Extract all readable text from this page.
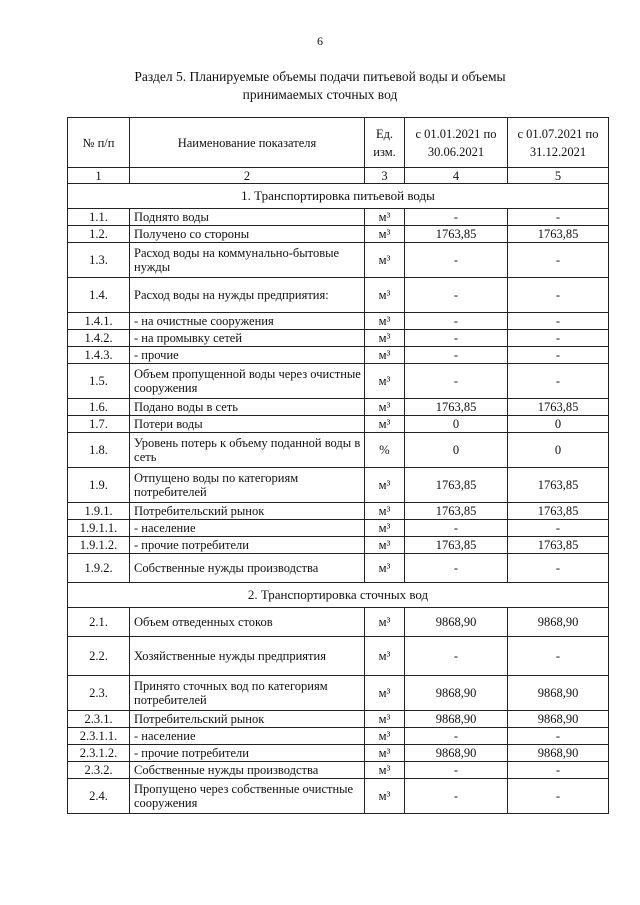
6
Раздел 5. Планируемые объемы подачи питьевой воды и объемы
принимаемых сточных вод
№ п/п	Наименование показателя	Ед. изм.	с 01.01.2021 по 30.06.2021	с 01.07.2021 по 31.12.2021
1	2	3	4	5
1. Транспортировка питьевой воды				
1.1.	Поднято воды	м³	-	-
1.2.	Получено со стороны	м³	1763,85	1763,85
1.3.	Расход воды на коммунально-бытовые нужды	м³	-	-
1.4.	Расход воды на нужды предприятия:	м³	-	-
1.4.1.	- на очистные сооружения	м³	-	-
1.4.2.	- на промывку сетей	м³	-	-
1.4.3.	- прочие	м³	-	-
1.5.	Объем пропущенной воды через очистные сооружения	м³	-	-
1.6.	Подано воды в сеть	м³	1763,85	1763,85
1.7.	Потери воды	м³	0	0
1.8.	Уровень потерь к объему поданной воды в сеть	%	0	0
1.9.	Отпущено воды по категориям потребителей	м³	1763,85	1763,85
1.9.1.	Потребительский рынок	м³	1763,85	1763,85
1.9.1.1.	- население	м³	-	-
1.9.1.2.	- прочие потребители	м³	1763,85	1763,85
1.9.2.	Собственные нужды производства	м³	-	-
2. Транспортировка сточных вод				
2.1.	Объем отведенных стоков	м³	9868,90	9868,90
2.2.	Хозяйственные нужды предприятия	м³	-	-
2.3.	Принято сточных вод по категориям потребителей	м³	9868,90	9868,90
2.3.1.	Потребительский рынок	м³	9868,90	9868,90
2.3.1.1.	- население	м³	-	-
2.3.1.2.	- прочие потребители	м³	9868,90	9868,90
2.3.2.	Собственные нужды производства	м³	-	-
2.4.	Пропущено через собственные очистные сооружения	м³	-	-
